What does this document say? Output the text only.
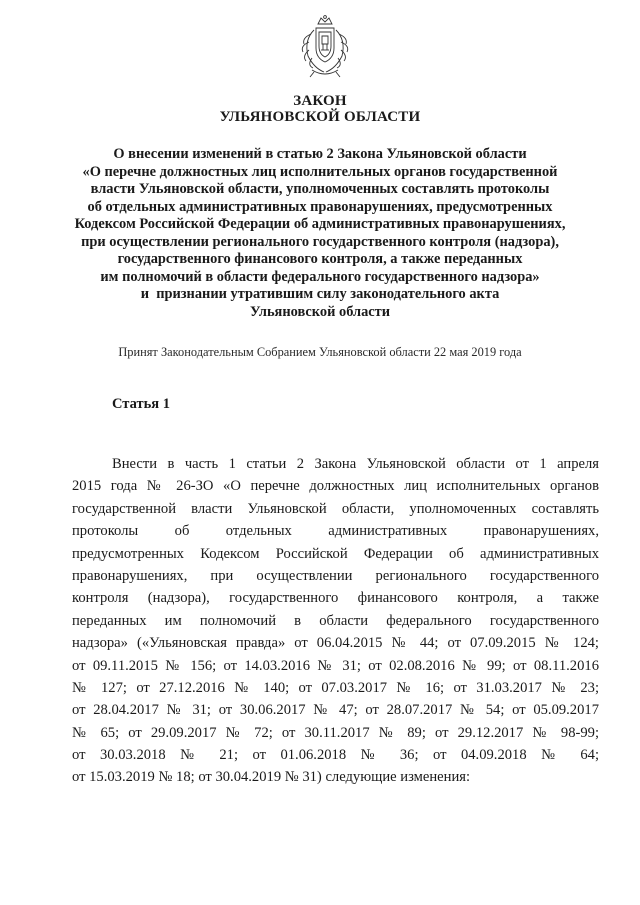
ЗАКОН
УЛЬЯНОВСКОЙ ОБЛАСТИ
О внесении изменений в статью 2 Закона Ульяновской области
«О перечне должностных лиц исполнительных органов государственной
власти Ульяновской области, уполномоченных составлять протоколы
об отдельных административных правонарушениях, предусмотренных
Кодексом Российской Федерации об административных правонарушениях,
при осуществлении регионального государственного контроля (надзора),
государственного финансового контроля, а также переданных
им полномочий в области федерального государственного надзора»
и  признании утратившим силу законодательного акта
Ульяновской области
Принят Законодательным Собранием Ульяновской области 22 мая 2019 года
Статья 1
Внести в часть 1 статьи 2 Закона Ульяновской области от 1 апреля
2015 года № 26-ЗО «О перечне должностных лиц исполнительных органов
государственной власти Ульяновской области, уполномоченных составлять
протоколы об отдельных административных правонарушениях,
предусмотренных Кодексом Российской Федерации об административных
правонарушениях, при осуществлении регионального государственного
контроля (надзора), государственного финансового контроля, а также
переданных им полномочий в области федерального государственного
надзора» («Ульяновская правда» от 06.04.2015 № 44; от 07.09.2015 № 124;
от 09.11.2015 № 156; от 14.03.2016 № 31; от 02.08.2016 № 99; от 08.11.2016
№ 127; от 27.12.2016 № 140; от 07.03.2017 № 16; от 31.03.2017 № 23;
от 28.04.2017 № 31; от 30.06.2017 № 47; от 28.07.2017 № 54; от 05.09.2017
№ 65; от 29.09.2017 № 72; от 30.11.2017 № 89; от 29.12.2017 № 98-99;
от 30.03.2018 № 21; от 01.06.2018 № 36; от 04.09.2018 № 64;
от 15.03.2019 № 18; от 30.04.2019 № 31) следующие изменения:
